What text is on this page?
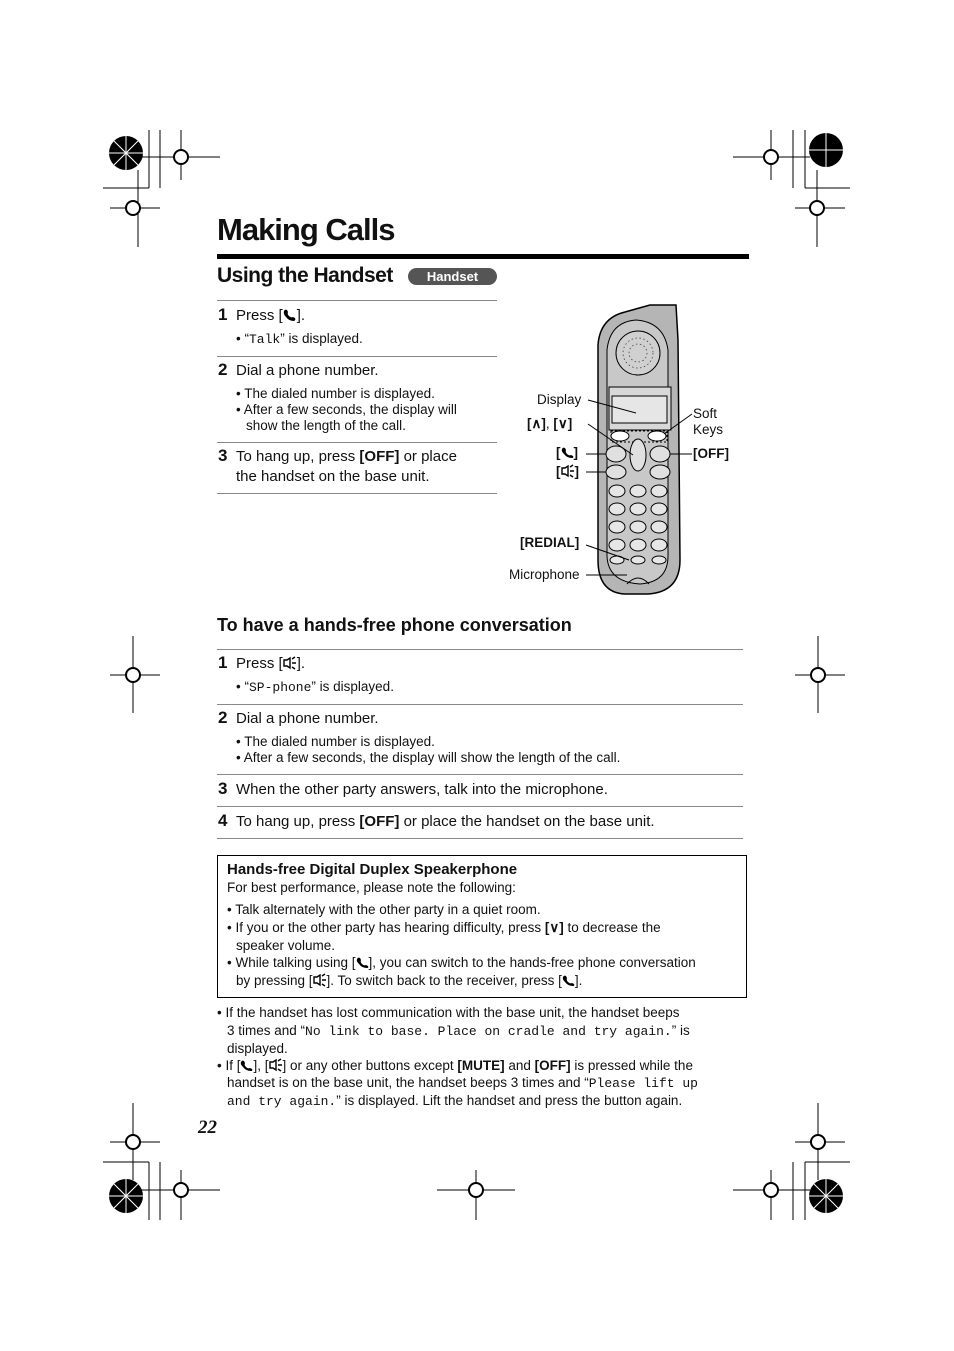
Making Calls
Using the Handset	Handset
1 Press [ ].
• “Talk” is displayed.
2 Dial a phone number.
• The dialed number is displayed.
• After a few seconds, the display will
show the length of the call.
3 To hang up, press [OFF] or place
the handset on the base unit.
Display
[∧], [∨]
Soft
Keys
[ ]
[ ]
[OFF]
[REDIAL]
Microphone
To have a hands-free phone conversation
1 Press [ ].
• “SP-phone” is displayed.
2 Dial a phone number.
• The dialed number is displayed.
• After a few seconds, the display will show the length of the call.
3 When the other party answers, talk into the microphone.
4 To hang up, press [OFF] or place the handset on the base unit.
Hands-free Digital Duplex Speakerphone
For best performance, please note the following:
• Talk alternately with the other party in a quiet room.
• If you or the other party has hearing difficulty, press [∨] to decrease the
speaker volume.
• While talking using [ ], you can switch to the hands-free phone conversation
by pressing [ ]. To switch back to the receiver, press [ ].
• If the handset has lost communication with the base unit, the handset beeps
3 times and “No link to base. Place on cradle and try again.” is
displayed.
• If [ ], [ ] or any other buttons except [MUTE] and [OFF] is pressed while the
handset is on the base unit, the handset beeps 3 times and “Please lift up
and try again.” is displayed. Lift the handset and press the button again.
22
